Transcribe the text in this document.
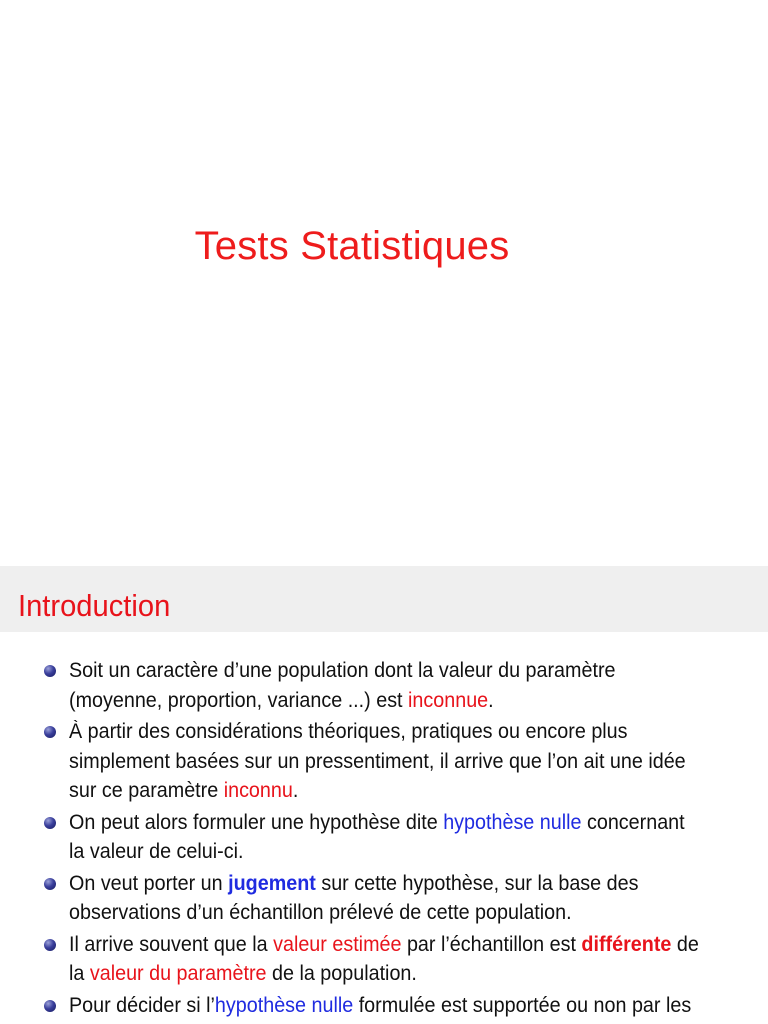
Tests Statistiques
Introduction
Soit un caractère d’une population dont la valeur du paramètre
(moyenne, proportion, variance ...) est inconnue.
À partir des considérations théoriques, pratiques ou encore plus
simplement basées sur un pressentiment, il arrive que l’on ait une idée
sur ce paramètre inconnu.
On peut alors formuler une hypothèse dite hypothèse nulle concernant
la valeur de celui-ci.
On veut porter un jugement sur cette hypothèse, sur la base des
observations d’un échantillon prélevé de cette population.
Il arrive souvent que la valeur estimée par l’échantillon est différente de
la valeur du paramètre de la population.
Pour décider si l’hypothèse nulle formulée est supportée ou non par les
